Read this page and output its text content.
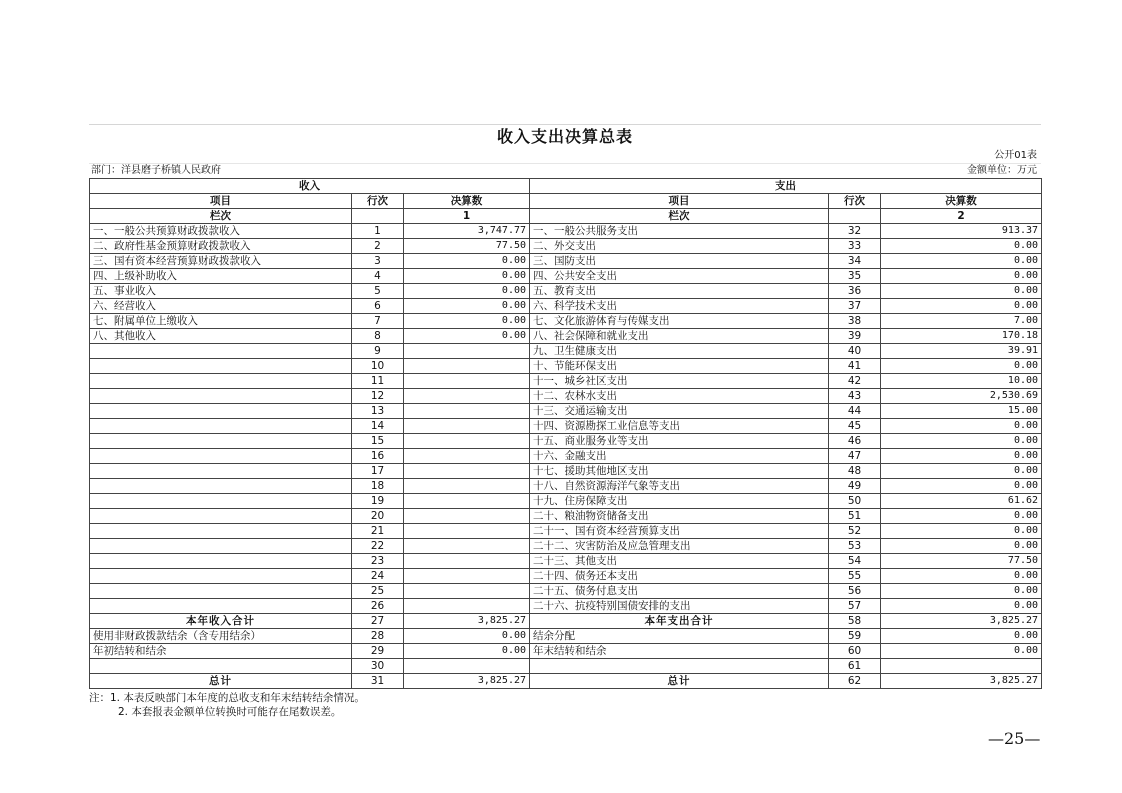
收入支出决算总表
公开01表
部门：洋县磨子桥镇人民政府	金额单位：万元
收入			支出		
项目	行次	决算数	项目	行次	决算数
栏次		1	栏次		2
一、一般公共预算财政拨款收入	1	3,747.77	一、一般公共服务支出	32	913.37
二、政府性基金预算财政拨款收入	2	77.50	二、外交支出	33	0.00
三、国有资本经营预算财政拨款收入	3	0.00	三、国防支出	34	0.00
四、上级补助收入	4	0.00	四、公共安全支出	35	0.00
五、事业收入	5	0.00	五、教育支出	36	0.00
六、经营收入	6	0.00	六、科学技术支出	37	0.00
七、附属单位上缴收入	7	0.00	七、文化旅游体育与传媒支出	38	7.00
八、其他收入	8	0.00	八、社会保障和就业支出	39	170.18
	9		九、卫生健康支出	40	39.91
	10		十、节能环保支出	41	0.00
	11		十一、城乡社区支出	42	10.00
	12		十二、农林水支出	43	2,530.69
	13		十三、交通运输支出	44	15.00
	14		十四、资源勘探工业信息等支出	45	0.00
	15		十五、商业服务业等支出	46	0.00
	16		十六、金融支出	47	0.00
	17		十七、援助其他地区支出	48	0.00
	18		十八、自然资源海洋气象等支出	49	0.00
	19		十九、住房保障支出	50	61.62
	20		二十、粮油物资储备支出	51	0.00
	21		二十一、国有资本经营预算支出	52	0.00
	22		二十二、灾害防治及应急管理支出	53	0.00
	23		二十三、其他支出	54	77.50
	24		二十四、债务还本支出	55	0.00
	25		二十五、债务付息支出	56	0.00
	26		二十六、抗疫特别国债安排的支出	57	0.00
本年收入合计	27	3,825.27	本年支出合计	58	3,825.27
使用非财政拨款结余（含专用结余）	28	0.00	结余分配	59	0.00
年初结转和结余	29	0.00	年末结转和结余	60	0.00
	30			61	
总计	31	3,825.27	总计	62	3,825.27
注：1. 本表反映部门本年度的总收支和年末结转结余情况。
2. 本套报表金额单位转换时可能存在尾数误差。
—25—
